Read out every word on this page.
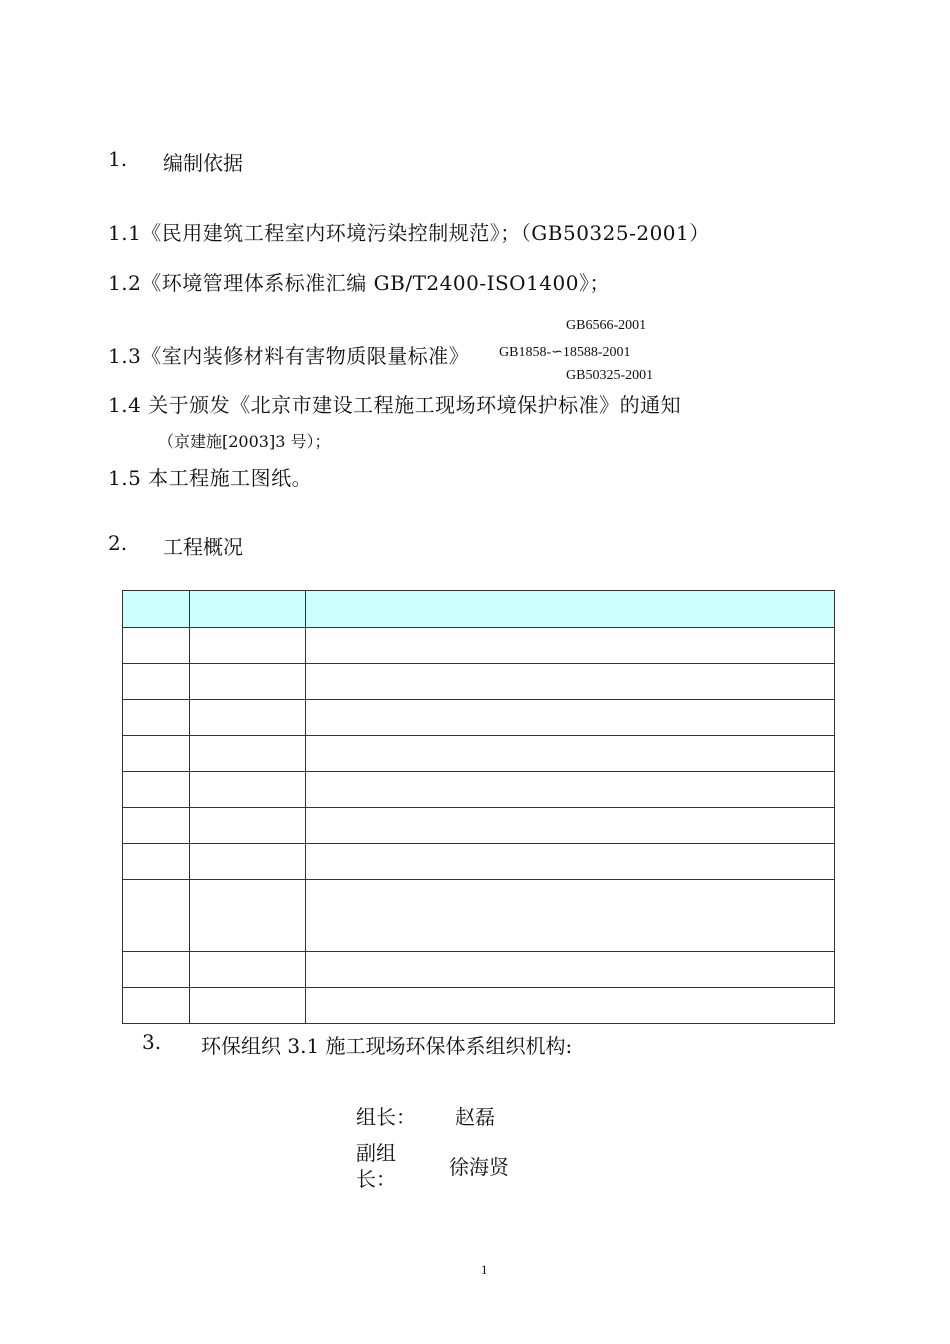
1. 编制依据
1.1《民用建筑工程室内环境污染控制规范》；（GB50325-2001）
1.2《环境管理体系标准汇编 GB/T2400-ISO1400》；
GB6566-2001
1.3《室内装修材料有害物质限量标准》 GB1858-∽18588-2001
GB50325-2001
1.4 关于颁发《北京市建设工程施工现场环境保护标准》的通知
（京建施[2003]3 号）；
1.5 本工程施工图纸。
2. 工程概况

3. 环保组织 3.1 施工现场环保体系组织机构:
组长： 赵磊
副组
长：	徐海贤
1
